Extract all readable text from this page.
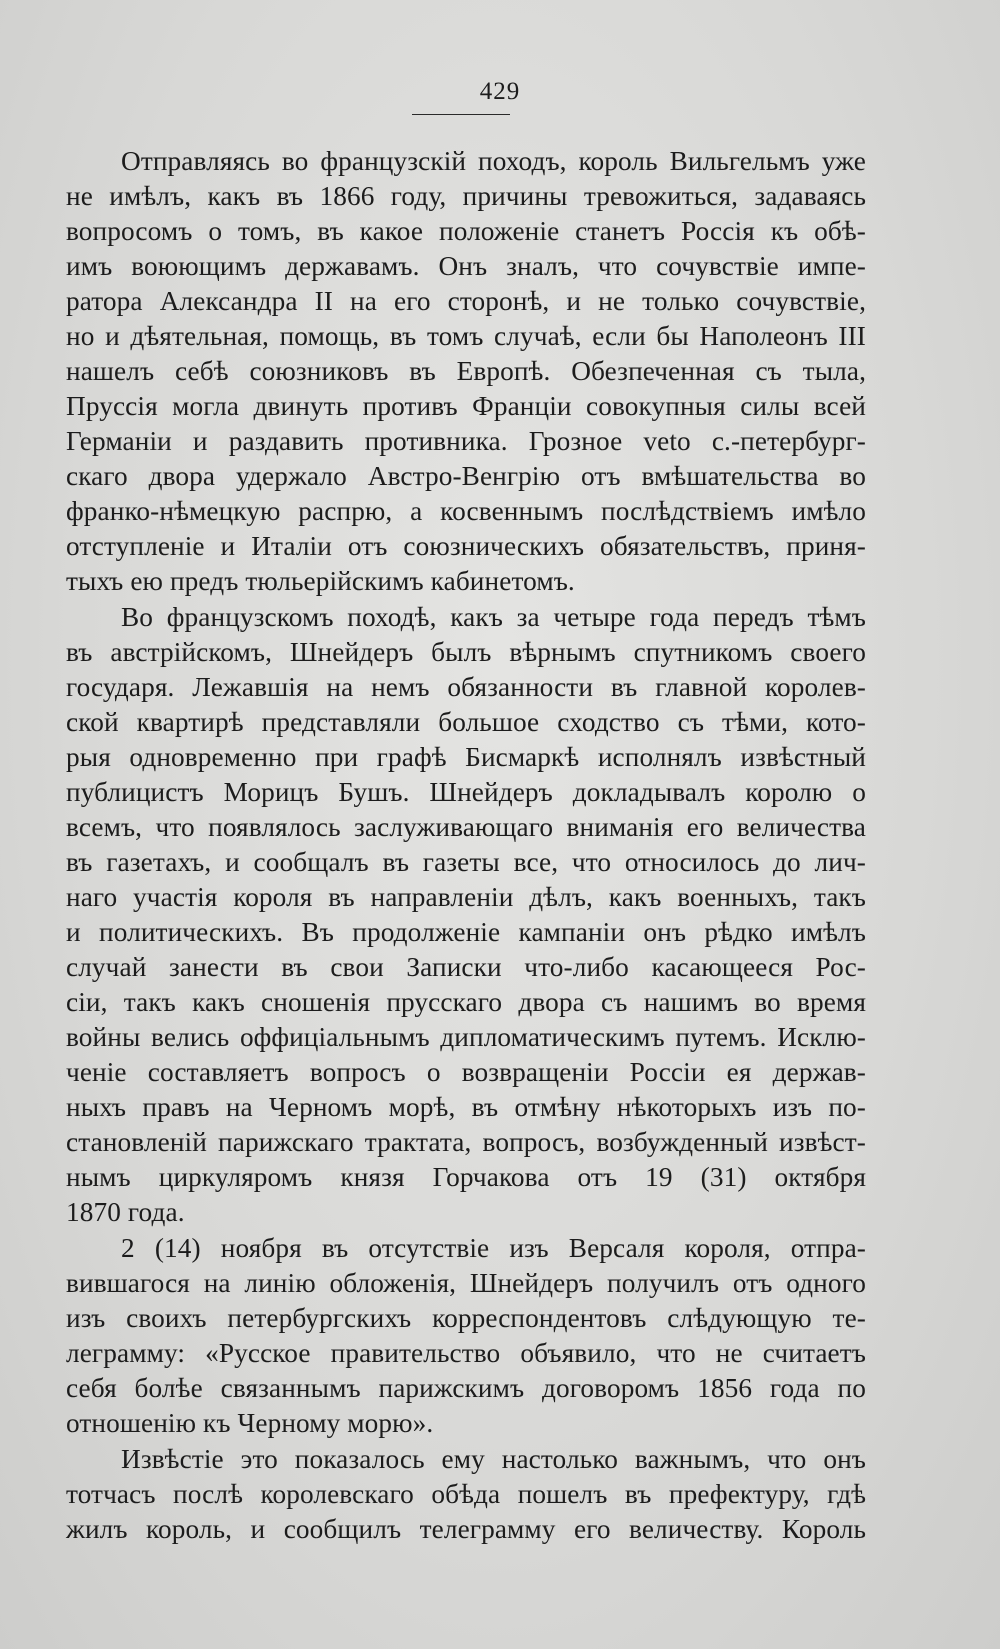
429

Отправляясь во французскій походъ, король Вильгельмъ уже
не имѣлъ, какъ въ 1866 году, причины тревожиться, задаваясь
вопросомъ о томъ, въ какое положеніе станетъ Россія къ обѣ-
имъ воюющимъ державамъ. Онъ зналъ, что сочувствіе импе-
ратора Александра II на его сторонѣ, и не только сочувствіе,
но и дѣятельная, помощь, въ томъ случаѣ, если бы Наполеонъ III
нашелъ себѣ союзниковъ въ Европѣ. Обезпеченная съ тыла,
Пруссія могла двинуть противъ Франціи совокупныя силы всей
Германіи и раздавить противника. Грозное veto с.-петербург-
скаго двора удержало Австро-Венгрію отъ вмѣшательства во
франко-нѣмецкую распрю, а косвеннымъ послѣдствіемъ имѣло
отступленіе и Италіи отъ союзническихъ обязательствъ, приня-
тыхъ ею предъ тюльерійскимъ кабинетомъ.

Во французскомъ походѣ, какъ за четыре года передъ тѣмъ
въ австрійскомъ, Шнейдеръ былъ вѣрнымъ спутникомъ своего
государя. Лежавшія на немъ обязанности въ главной королев-
ской квартирѣ представляли большое сходство съ тѣми, кото-
рыя одновременно при графѣ Бисмаркѣ исполнялъ извѣстный
публицистъ Морицъ Бушъ. Шнейдеръ докладывалъ королю о
всемъ, что появлялось заслуживающаго вниманія его величества
въ газетахъ, и сообщалъ въ газеты все, что относилось до лич-
наго участія короля въ направленіи дѣлъ, какъ военныхъ, такъ
и политическихъ. Въ продолженіе кампаніи онъ рѣдко имѣлъ
случай занести въ свои Записки что-либо касающееся Рос-
сіи, такъ какъ сношенія прусскаго двора съ нашимъ во время
войны велись оффиціальнымъ дипломатическимъ путемъ. Исклю-
ченіе составляетъ вопросъ о возвращеніи Россіи ея держав-
ныхъ правъ на Черномъ морѣ, въ отмѣну нѣкоторыхъ изъ по-
становленій парижскаго трактата, вопросъ, возбужденный извѣст-
нымъ циркуляромъ князя Горчакова отъ 19 (31) октября
1870 года.

2 (14) ноября въ отсутствіе изъ Версаля короля, отпра-
вившагося на линію обложенія, Шнейдеръ получилъ отъ одного
изъ своихъ петербургскихъ корреспондентовъ слѣдующую те-
леграмму: «Русское правительство объявило, что не считаетъ
себя болѣе связаннымъ парижскимъ договоромъ 1856 года по
отношенію къ Черному морю».

Извѣстіе это показалось ему настолько важнымъ, что онъ
тотчасъ послѣ королевскаго обѣда пошелъ въ префектуру, гдѣ
жилъ король, и сообщилъ телеграмму его величеству. Король
